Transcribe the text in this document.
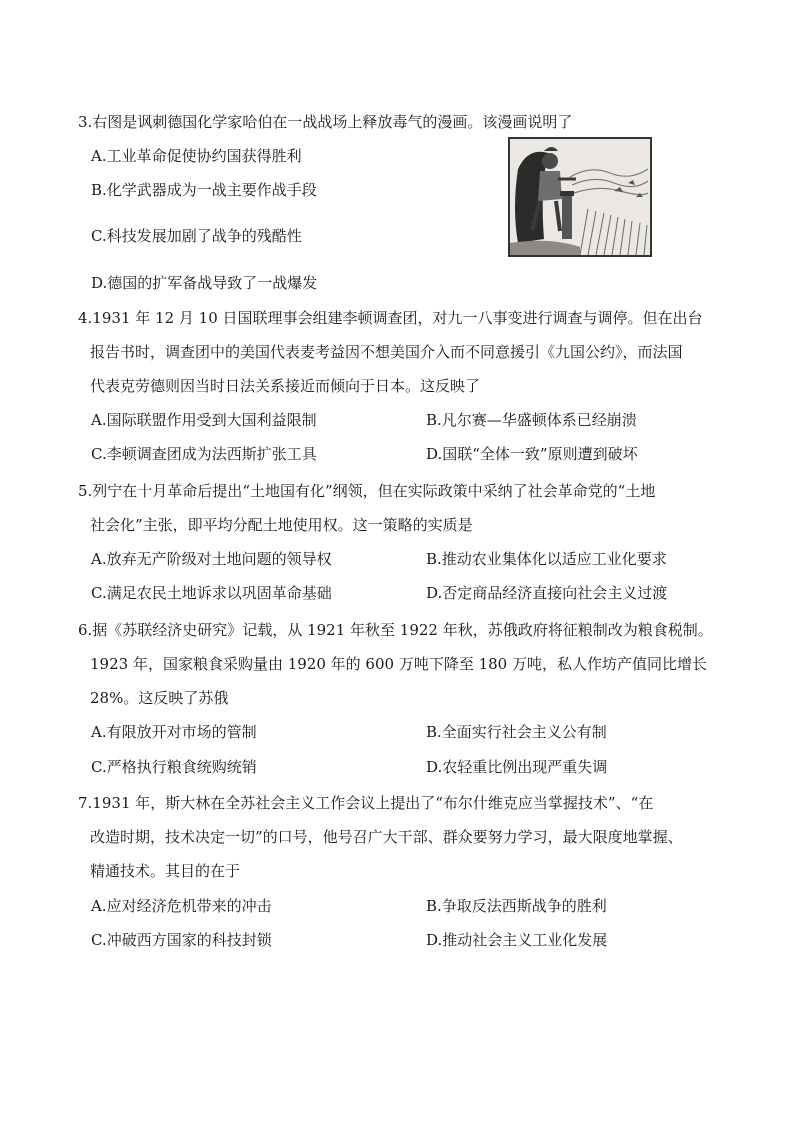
3.右图是讽刺德国化学家哈伯在一战战场上释放毒气的漫画。该漫画说明了
A.工业革命促使协约国获得胜利
B.化学武器成为一战主要作战手段
C.科技发展加剧了战争的残酷性
D.德国的扩军备战导致了一战爆发
4.1931 年 12 月 10 日国联理事会组建李顿调查团，对九一八事变进行调查与调停。但在出台
报告书时，调查团中的美国代表麦考益因不想美国介入而不同意援引《九国公约》，而法国
代表克劳德则因当时日法关系接近而倾向于日本。这反映了
A.国际联盟作用受到大国利益限制	B.凡尔赛—华盛顿体系已经崩溃
C.李顿调查团成为法西斯扩张工具	D.国联“全体一致”原则遭到破坏
5.列宁在十月革命后提出“土地国有化”纲领，但在实际政策中采纳了社会革命党的“土地
社会化”主张，即平均分配土地使用权。这一策略的实质是
A.放弃无产阶级对土地问题的领导权	B.推动农业集体化以适应工业化要求
C.满足农民土地诉求以巩固革命基础	D.否定商品经济直接向社会主义过渡
6.据《苏联经济史研究》记载，从 1921 年秋至 1922 年秋，苏俄政府将征粮制改为粮食税制。
1923 年，国家粮食采购量由 1920 年的 600 万吨下降至 180 万吨，私人作坊产值同比增长
28%。这反映了苏俄
A.有限放开对市场的管制	B.全面实行社会主义公有制
C.严格执行粮食统购统销	D.农轻重比例出现严重失调
7.1931 年，斯大林在全苏社会主义工作会议上提出了“布尔什维克应当掌握技术”、“在
改造时期，技术决定一切”的口号，他号召广大干部、群众要努力学习，最大限度地掌握、
精通技术。其目的在于
A.应对经济危机带来的冲击	B.争取反法西斯战争的胜利
C.冲破西方国家的科技封锁	D.推动社会主义工业化发展
